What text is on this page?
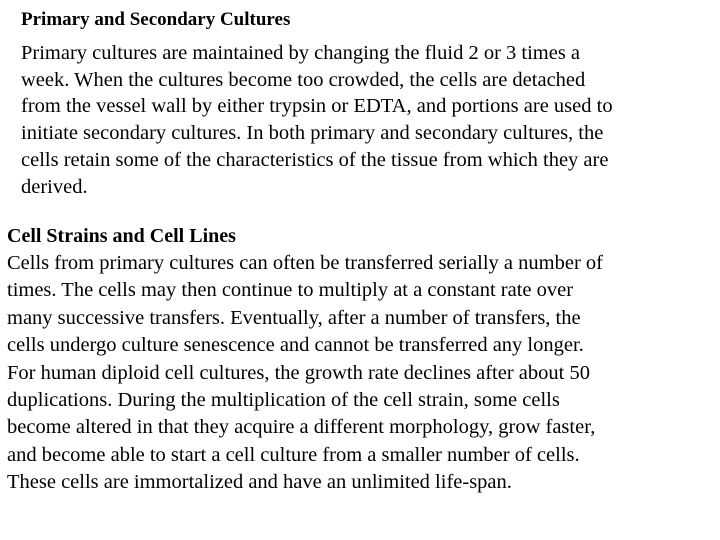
Primary and Secondary Cultures
Primary cultures are maintained by changing the fluid 2 or 3 times a
week. When the cultures become too crowded, the cells are detached
from the vessel wall by either trypsin or EDTA, and portions are used to
initiate secondary cultures. In both primary and secondary cultures, the
cells retain some of the characteristics of the tissue from which they are
derived.
Cell Strains and Cell Lines
Cells from primary cultures can often be transferred serially a number of
times. The cells may then continue to multiply at a constant rate over
many successive transfers. Eventually, after a number of transfers, the
cells undergo culture senescence and cannot be transferred any longer.
For human diploid cell cultures, the growth rate declines after about 50
duplications. During the multiplication of the cell strain, some cells
become altered in that they acquire a different morphology, grow faster,
and become able to start a cell culture from a smaller number of cells.
These cells are immortalized and have an unlimited life-span.
